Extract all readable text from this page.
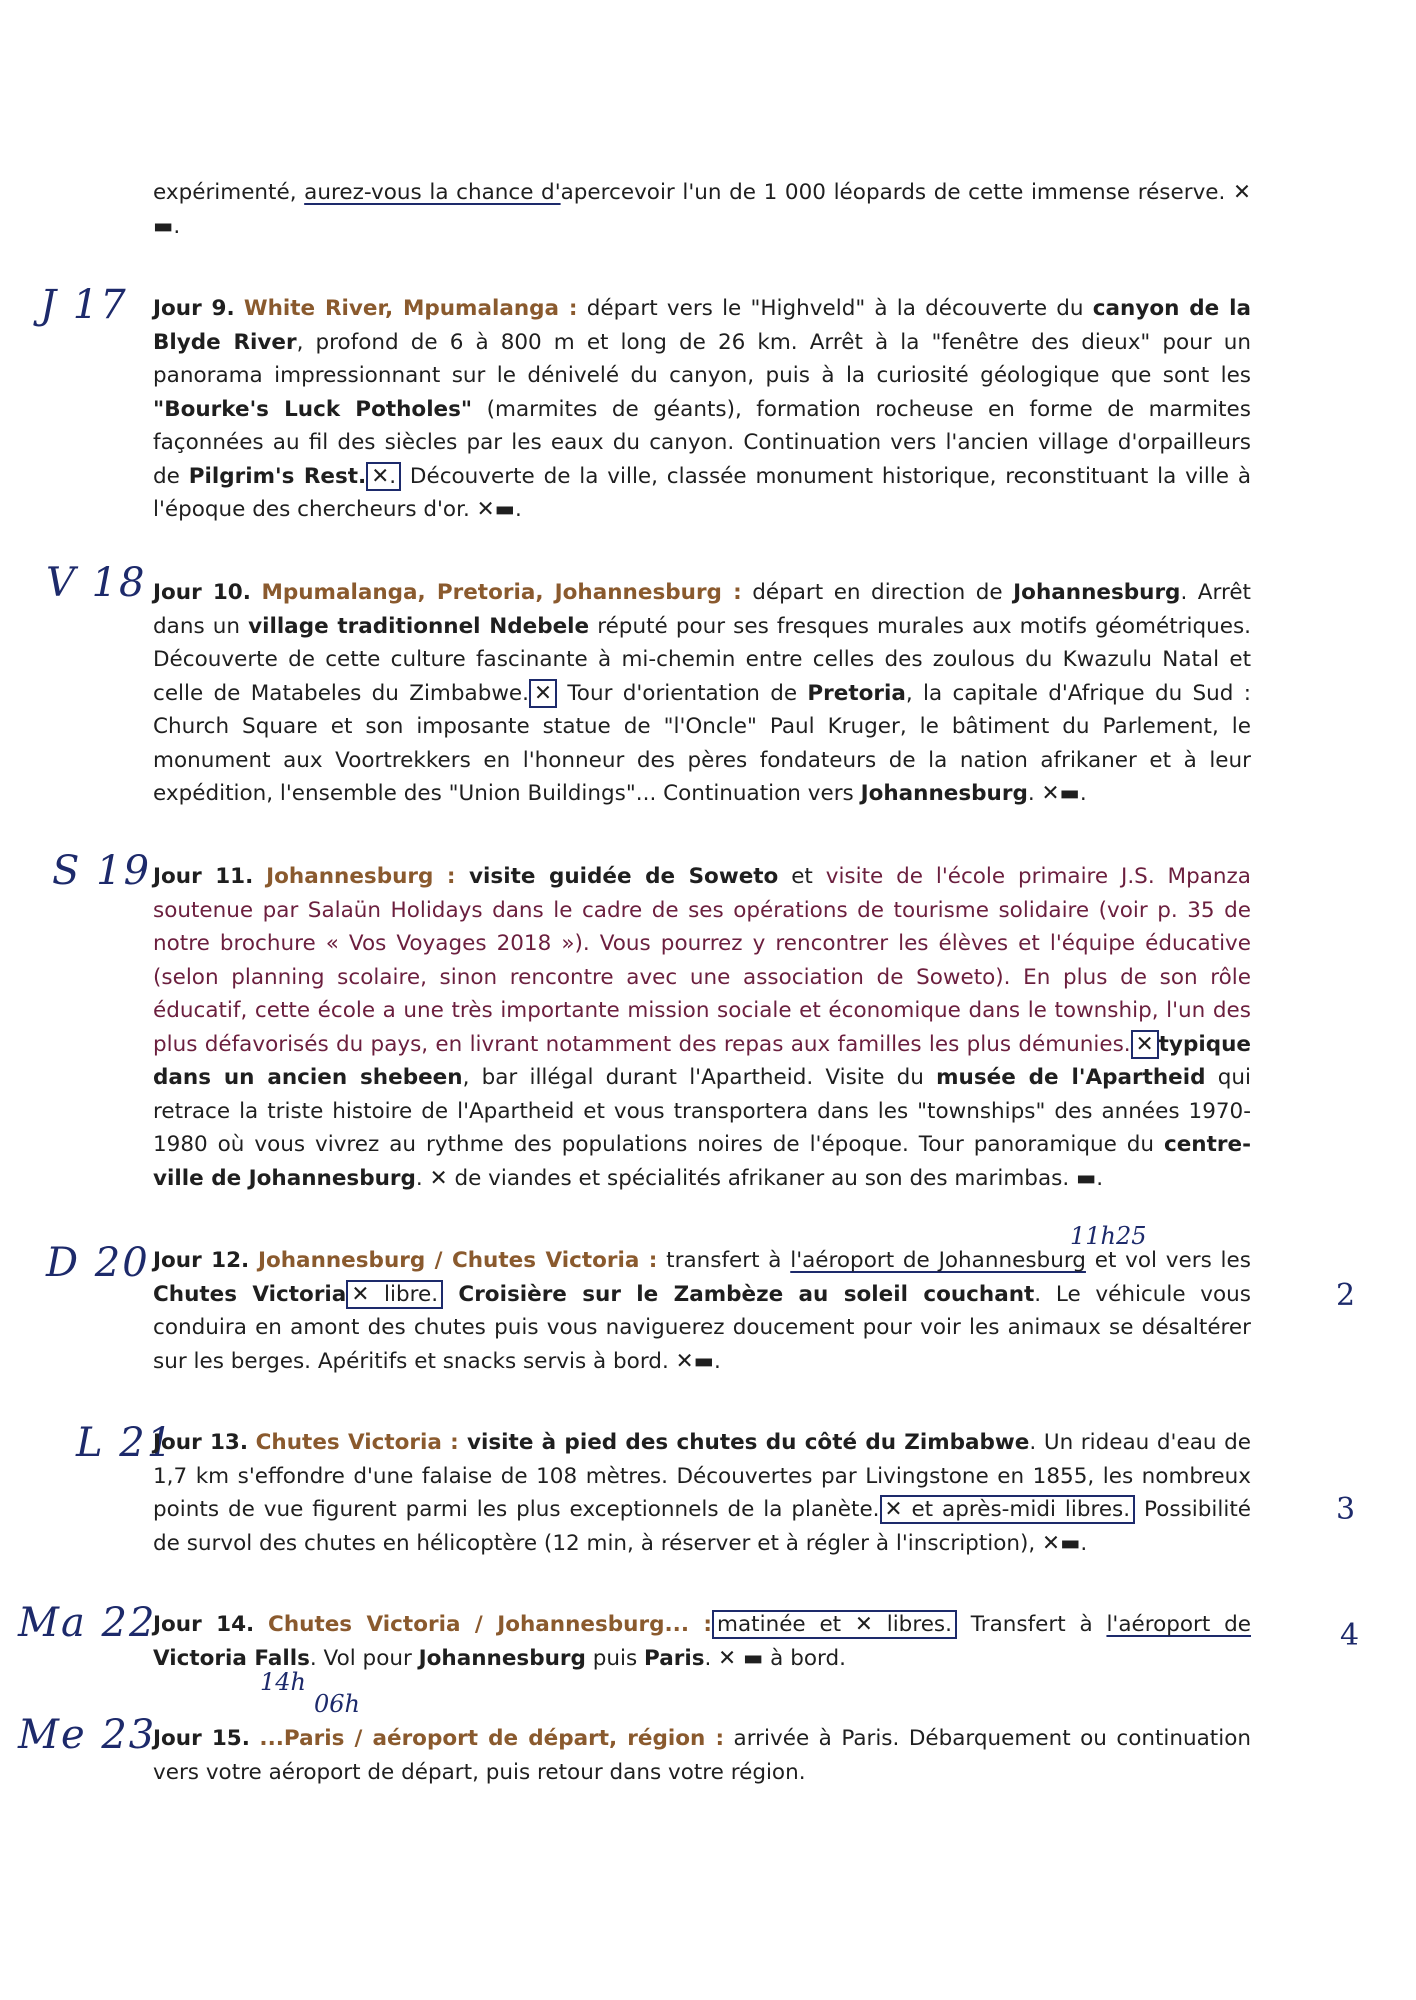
expérimenté, aurez-vous la chance d'apercevoir l'un de 1 000 léopards de cette immense réserve. ✕ ▬.
J 17 Jour 9. White River, Mpumalanga : départ vers le "Highveld" à la découverte du canyon de la Blyde River, profond de 6 à 800 m et long de 26 km. Arrêt à la "fenêtre des dieux" pour un panorama impressionnant sur le dénivelé du canyon, puis à la curiosité géologique que sont les "Bourke's Luck Potholes" (marmites de géants), formation rocheuse en forme de marmites façonnées au fil des siècles par les eaux du canyon. Continuation vers l'ancien village d'orpailleurs de Pilgrim's Rest. ✕. Découverte de la ville, classée monument historique, reconstituant la ville à l'époque des chercheurs d'or. ✕▬.
V 18 Jour 10. Mpumalanga, Pretoria, Johannesburg : départ en direction de Johannesburg. Arrêt dans un village traditionnel Ndebele réputé pour ses fresques murales aux motifs géométriques. Découverte de cette culture fascinante à mi-chemin entre celles des zoulous du Kwazulu Natal et celle de Matabeles du Zimbabwe. ✕ Tour d'orientation de Pretoria, la capitale d'Afrique du Sud : Church Square et son imposante statue de "l'Oncle" Paul Kruger, le bâtiment du Parlement, le monument aux Voortrekkers en l'honneur des pères fondateurs de la nation afrikaner et à leur expédition, l'ensemble des "Union Buildings"... Continuation vers Johannesburg. ✕▬.
S 19 Jour 11. Johannesburg : visite guidée de Soweto et visite de l'école primaire J.S. Mpanza soutenue par Salaün Holidays dans le cadre de ses opérations de tourisme solidaire (voir p. 35 de notre brochure « Vos Voyages 2018 »). Vous pourrez y rencontrer les élèves et l'équipe éducative (selon planning scolaire, sinon rencontre avec une association de Soweto). En plus de son rôle éducatif, cette école a une très importante mission sociale et économique dans le township, l'un des plus défavorisés du pays, en livrant notamment des repas aux familles les plus démunies. ✕ typique dans un ancien shebeen, bar illégal durant l'Apartheid. Visite du musée de l'Apartheid qui retrace la triste histoire de l'Apartheid et vous transportera dans les "townships" des années 1970-1980 où vous vivrez au rythme des populations noires de l'époque. Tour panoramique du centre-ville de Johannesburg. ✕ de viandes et spécialités afrikaner au son des marimbas. ▬.
D 20
11h25
2
Jour 12. Johannesburg / Chutes Victoria : transfert à l'aéroport de Johannesburg et vol vers les Chutes Victoria ✕ libre. Croisière sur le Zambèze au soleil couchant. Le véhicule vous conduira en amont des chutes puis vous naviguerez doucement pour voir les animaux se désaltérer sur les berges. Apéritifs et snacks servis à bord. ✕▬.
L 21
3
Jour 13. Chutes Victoria : visite à pied des chutes du côté du Zimbabwe. Un rideau d'eau de 1,7 km s'effondre d'une falaise de 108 mètres. Découvertes par Livingstone en 1855, les nombreux points de vue figurent parmi les plus exceptionnels de la planète. ✕ et après-midi libres. Possibilité de survol des chutes en hélicoptère (12 min, à réserver et à régler à l'inscription), ✕▬.
Ma 22
14h
4
Jour 14. Chutes Victoria / Johannesburg... : matinée et ✕ libres. Transfert à l'aéroport de Victoria Falls. Vol pour Johannesburg puis Paris. ✕ ▬ à bord.
Me 23
06h
Jour 15. ...Paris / aéroport de départ, région : arrivée à Paris. Débarquement ou continuation vers votre aéroport de départ, puis retour dans votre région.
